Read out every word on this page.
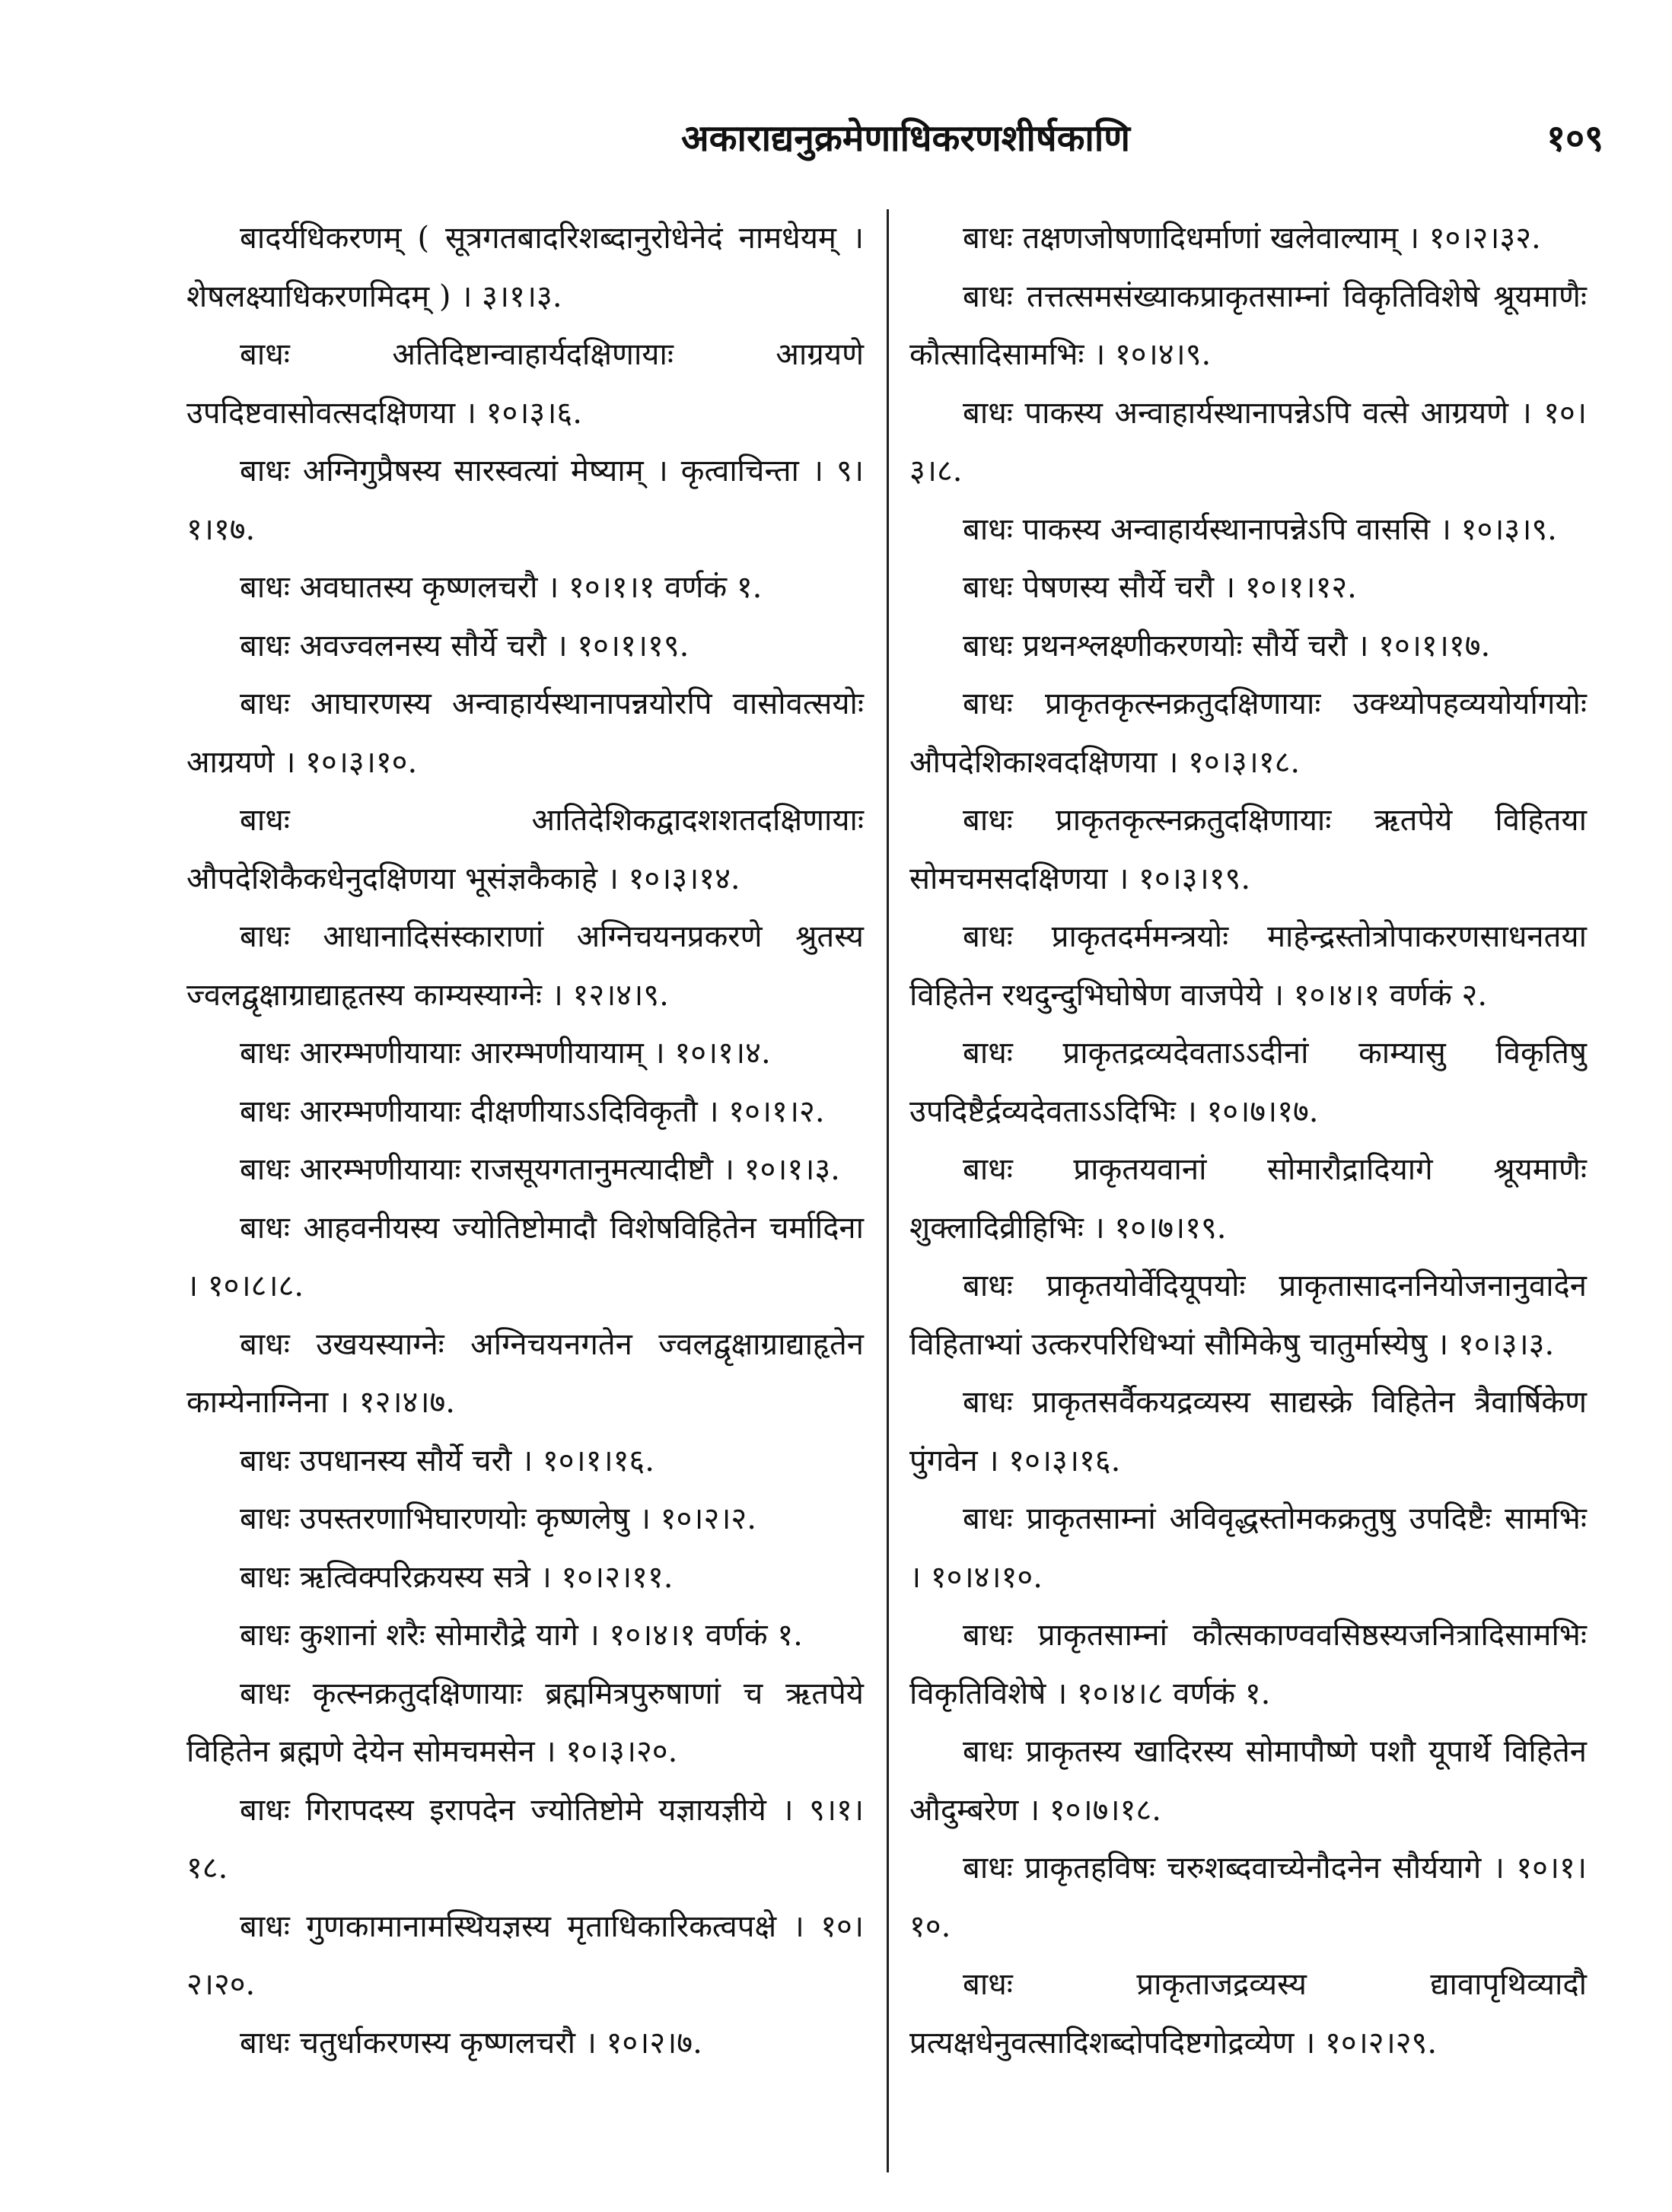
अकाराद्यनुक्रमेणाधिकरणशीर्षकाणि	१०९

बादर्यधिकरणम् ( सूत्रगतबादरिशब्दानुरोधेनेदं नामधेयम् । शेषलक्ष्याधिकरणमिदम् ) । ३।१।३.

बाधः अतिदिष्टान्वाहार्यदक्षिणायाः आग्रयणे उपदिष्टवासोवत्सदक्षिणया । १०।३।६.

बाधः अग्निगुप्रैषस्य सारस्वत्यां मेष्याम् । कृत्वाचिन्ता । ९।१।१७.

बाधः अवघातस्य कृष्णलचरौ । १०।१।१ वर्णकं १.

बाधः अवज्वलनस्य सौर्ये चरौ । १०।१।१९.

बाधः आघारणस्य अन्वाहार्यस्थानापन्नयोरपि वासोवत्सयोः आग्रयणे । १०।३।१०.

बाधः आतिदेशिकद्वादशशतदक्षिणायाः औपदेशिकैकधेनुदक्षिणया भूसंज्ञकैकाहे । १०।३।१४.

बाधः आधानादिसंस्काराणां अग्निचयनप्रकरणे श्रुतस्य ज्वलद्वृक्षाग्राद्याहृतस्य काम्यस्याग्नेः । १२।४।९.

बाधः आरम्भणीयायाः आरम्भणीयायाम् । १०।१।४.

बाधः आरम्भणीयायाः दीक्षणीयाऽऽदिविकृतौ । १०।१।२.

बाधः आरम्भणीयायाः राजसूयगतानुमत्यादीष्टौ । १०।१।३.

बाधः आहवनीयस्य ज्योतिष्टोमादौ विशेषविहितेन चर्मादिना । १०।८।८.

बाधः उखयस्याग्नेः अग्निचयनगतेन ज्वलद्वृक्षाग्राद्याहृतेन काम्येनाग्निना । १२।४।७.

बाधः उपधानस्य सौर्ये चरौ । १०।१।१६.

बाधः उपस्तरणाभिघारणयोः कृष्णलेषु । १०।२।२.

बाधः ऋत्विक्परिक्रयस्य सत्रे । १०।२।११.

बाधः कुशानां शरैः सोमारौद्रे यागे । १०।४।१ वर्णकं १.

बाधः कृत्स्नक्रतुदक्षिणायाः ब्रह्ममित्रपुरुषाणां च ऋतपेये विहितेन ब्रह्मणे देयेन सोमचमसेन । १०।३।२०.

बाधः गिरापदस्य इरापदेन ज्योतिष्टोमे यज्ञायज्ञीये । ९।१।१८.

बाधः गुणकामानामस्थियज्ञस्य मृताधिकारिकत्वपक्षे । १०।२।२०.

बाधः चतुर्धाकरणस्य कृष्णलचरौ । १०।२।७.

बाधः तक्षणजोषणादिधर्माणां खलेवाल्याम् । १०।२।३२.

बाधः तत्तत्समसंख्याकप्राकृतसाम्नां विकृतिविशेषे श्रूयमाणैः कौत्सादिसामभिः । १०।४।९.

बाधः पाकस्य अन्वाहार्यस्थानापन्नेऽपि वत्से आग्रयणे । १०।३।८.

बाधः पाकस्य अन्वाहार्यस्थानापन्नेऽपि वाससि । १०।३।९.

बाधः पेषणस्य सौर्ये चरौ । १०।१।१२.

बाधः प्रथनश्लक्ष्णीकरणयोः सौर्ये चरौ । १०।१।१७.

बाधः प्राकृतकृत्स्नक्रतुदक्षिणायाः उक्थ्योपहव्ययोर्यागयोः औपदेशिकाश्वदक्षिणया । १०।३।१८.

बाधः प्राकृतकृत्स्नक्रतुदक्षिणायाः ऋतपेये विहितया सोमचमसदक्षिणया । १०।३।१९.

बाधः प्राकृतदर्ममन्त्रयोः माहेन्द्रस्तोत्रोपाकरणसाधनतया विहितेन रथदुन्दुभिघोषेण वाजपेये । १०।४।१ वर्णकं २.

बाधः प्राकृतद्रव्यदेवताऽऽदीनां काम्यासु विकृतिषु उपदिष्टैर्द्रव्यदेवताऽऽदिभिः । १०।७।१७.

बाधः प्राकृतयवानां सोमारौद्रादियागे श्रूयमाणैः शुक्लादिव्रीहिभिः । १०।७।१९.

बाधः प्राकृतयोर्वेदियूपयोः प्राकृतासादननियोजनानुवादेन विहिताभ्यां उत्करपरिधिभ्यां सौमिकेषु चातुर्मास्येषु । १०।३।३.

बाधः प्राकृतसर्वैकयद्रव्यस्य साद्यस्क्रे विहितेन त्रैवार्षिकेण पुंगवेन । १०।३।१६.

बाधः प्राकृतसाम्नां अविवृद्धस्तोमकक्रतुषु उपदिष्टैः सामभिः । १०।४।१०.

बाधः प्राकृतसाम्नां कौत्सकाण्ववसिष्ठस्यजनित्रादिसामभिः विकृतिविशेषे । १०।४।८ वर्णकं १.

बाधः प्राकृतस्य खादिरस्य सोमापौष्णे पशौ यूपार्थे विहितेन औदुम्बरेण । १०।७।१८.

बाधः प्राकृतहविषः चरुशब्दवाच्येनौदनेन सौर्ययागे । १०।१।१०.

बाधः प्राकृताजद्रव्यस्य द्यावापृथिव्यादौ प्रत्यक्षधेनुवत्सादिशब्दोपदिष्टगोद्रव्येण । १०।२।२९.
